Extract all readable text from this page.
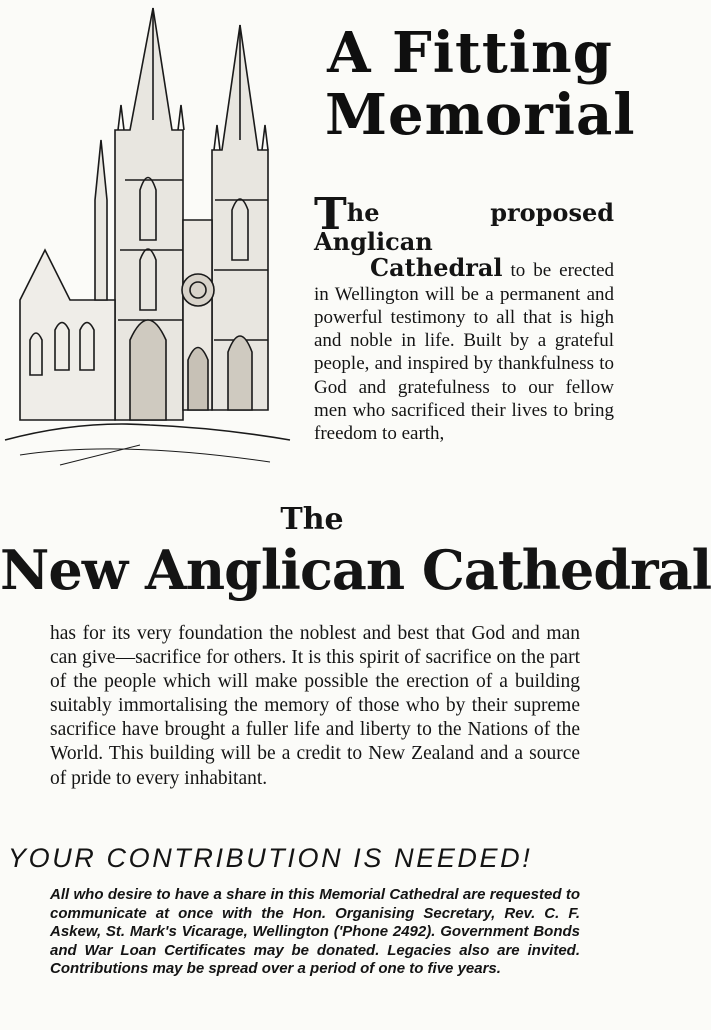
A Fitting
Memorial
The proposed Anglican
Cathedral to be erected in Wellington will be a permanent and powerful testimony to all that is high and noble in life. Built by a grateful people, and inspired by thankfulness to God and gratefulness to our fellow men who sacrificed their lives to bring freedom to earth,
The
New Anglican Cathedral
has for its very foundation the noblest and best that God and man can give—sacrifice for others. It is this spirit of sacrifice on the part of the people which will make possible the erection of a building suitably immortalising the memory of those who by their supreme sacrifice have brought a fuller life and liberty to the Nations of the World. This building will be a credit to New Zealand and a source of pride to every inhabitant.
YOUR CONTRIBUTION IS NEEDED!
All who desire to have a share in this Memorial Cathedral are requested to communicate at once with the Hon. Organising Secretary, Rev. C. F. Askew, St. Mark's Vicarage, Wellington ('Phone 2492). Government Bonds and War Loan Certificates may be donated. Legacies also are invited. Contributions may be spread over a period of one to five years.
